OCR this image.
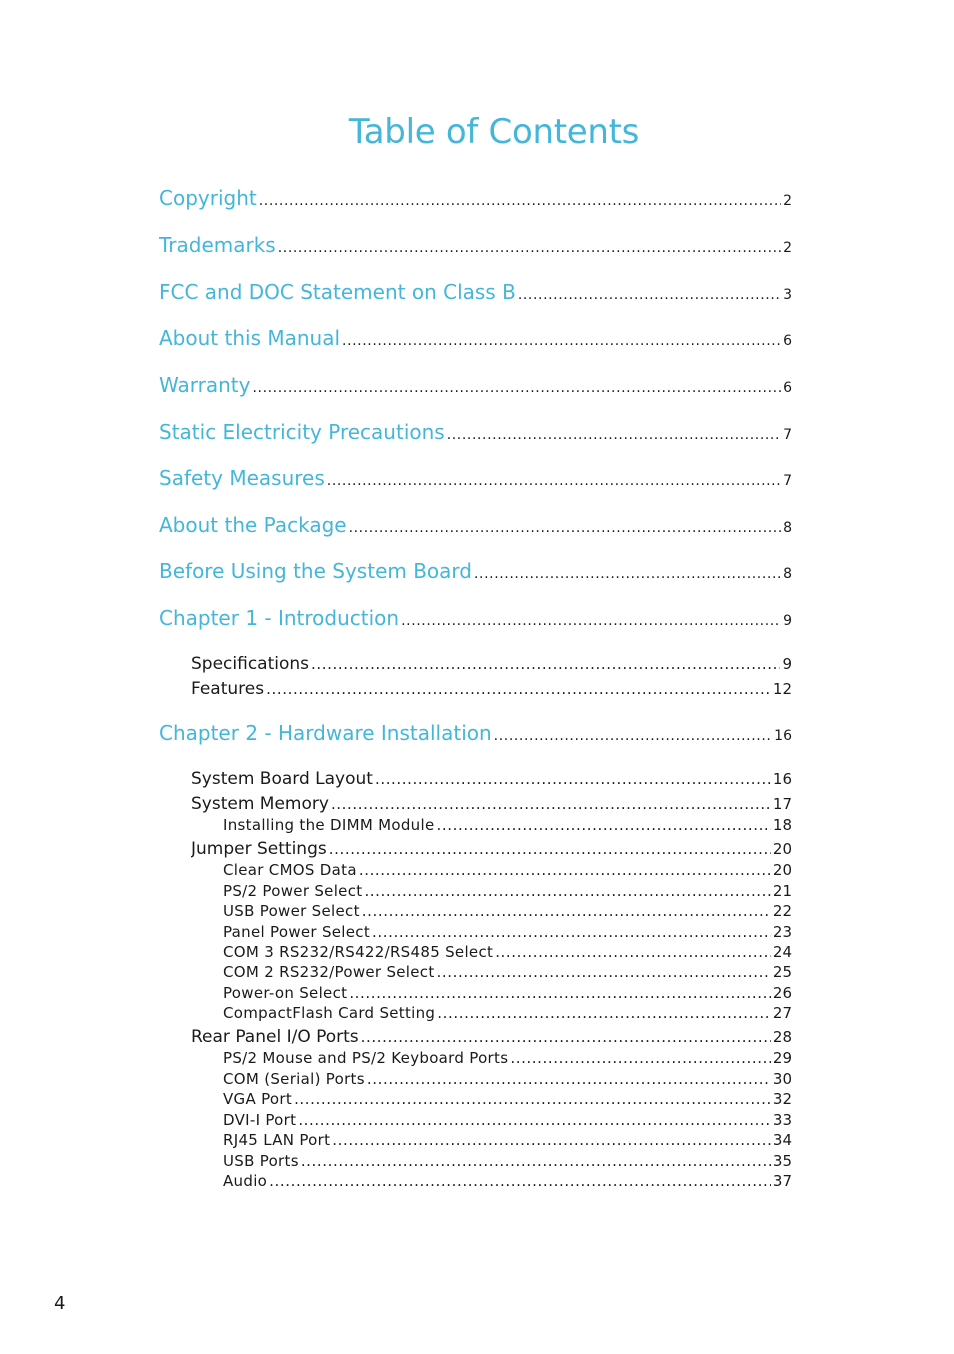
Table of Contents
Copyright .....	2
Trademarks .....	2
FCC and DOC Statement on Class B .....	3
About this Manual .....	6
Warranty .....	6
Static Electricity Precautions .....	7
Safety Measures .....	7
About the Package .....	8
Before Using the System Board .....	8
Chapter 1 - Introduction .....	9
Specifications .....	9
Features .....	12
Chapter 2 - Hardware Installation .....	16
System Board Layout .....	16
System Memory .....	17
Installing the DIMM Module .....	18
Jumper Settings .....	20
Clear CMOS Data .....	20
PS/2 Power Select .....	21
USB Power Select .....	22
Panel Power Select .....	23
COM 3 RS232/RS422/RS485 Select .....	24
COM 2 RS232/Power Select .....	25
Power-on Select .....	26
CompactFlash Card Setting .....	27
Rear Panel I/O Ports .....	28
PS/2 Mouse and PS/2 Keyboard Ports .....	29
COM (Serial) Ports .....	30
VGA Port .....	32
DVI-I Port .....	33
RJ45 LAN Port .....	34
USB Ports .....	35
Audio .....	37
4
